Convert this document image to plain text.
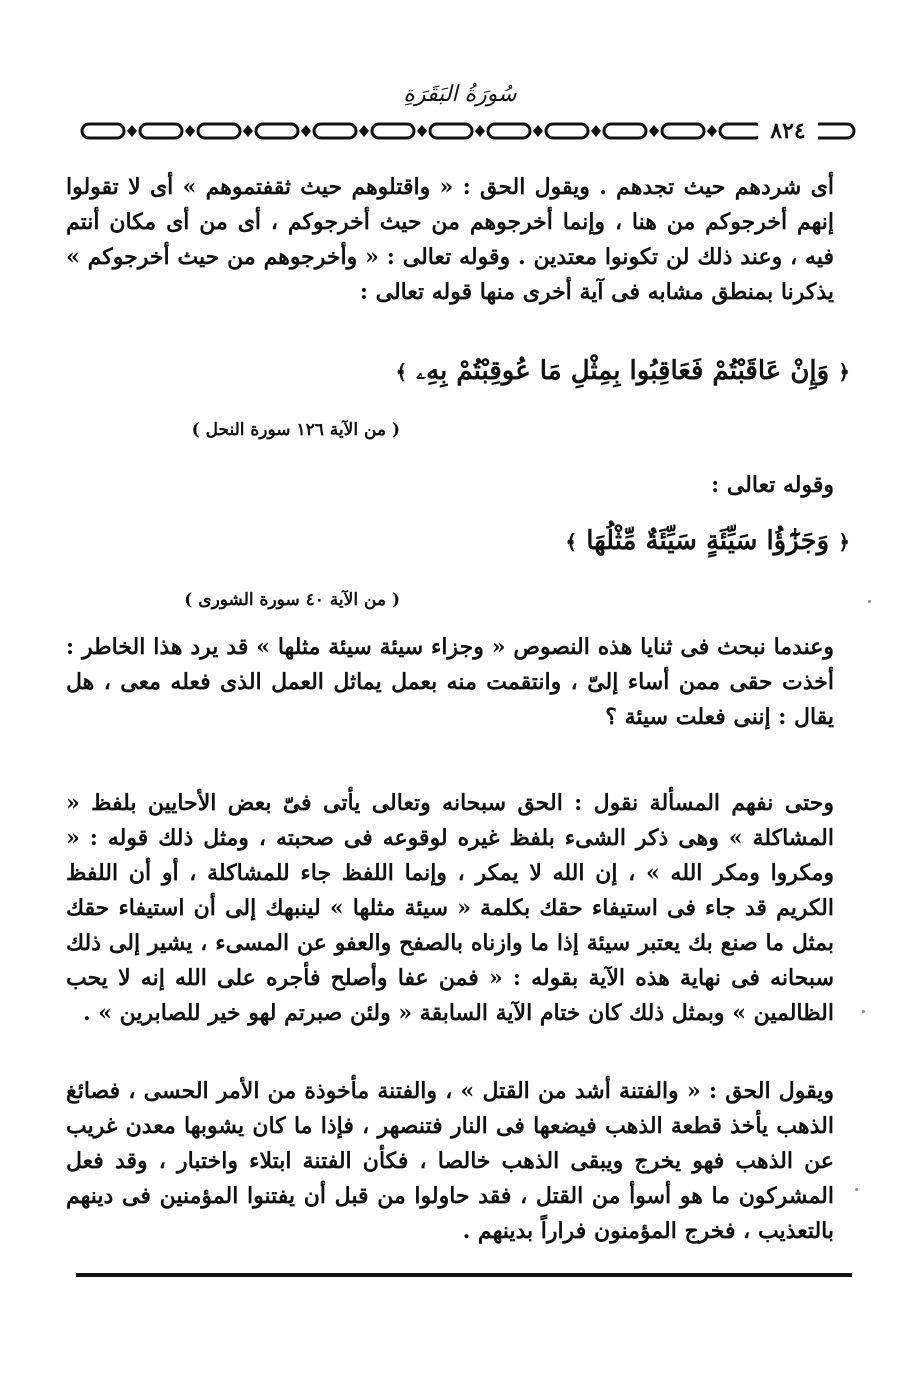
سُورَةُ البَقَرَةِ
٨٢٤

أى شردهم حيث تجدهم . ويقول الحق : « واقتلوهم حيث ثقفتموهم » أى لا تقولوا إنهم أخرجوكم من هنا ، وإنما أخرجوهم من حيث أخرجوكم ، أى من أى مكان أنتم فيه ، وعند ذلك لن تكونوا معتدين . وقوله تعالى : « وأخرجوهم من حيث أخرجوكم » يذكرنا بمنطق مشابه فى آية أخرى منها قوله تعالى :

﴿ وَإِنْ عَاقَبْتُمْ فَعَاقِبُوا بِمِثْلِ مَا عُوقِبْتُمْ بِهِۦ ﴾
( من الآية ١٢٦ سورة النحل )

وقوله تعالى :

﴿ وَجَزَٰٓؤُا سَيِّئَةٍ سَيِّئَةٌ مِّثْلُهَا ﴾
( من الآية ٤٠ سورة الشورى )

وعندما نبحث فى ثنايا هذه النصوص « وجزاء سيئة سيئة مثلها » قد يرد هذا الخاطر : أخذت حقى ممن أساء إلىّ ، وانتقمت منه بعمل يماثل العمل الذى فعله معى ، هل يقال : إننى فعلت سيئة ؟

وحتى نفهم المسألة نقول : الحق سبحانه وتعالى يأتى فىّ بعض الأحايين بلفظ « المشاكلة » وهى ذكر الشىء بلفظ غيره لوقوعه فى صحبته ، ومثل ذلك قوله : « ومكروا ومكر الله » ، إن الله لا يمكر ، وإنما اللفظ جاء للمشاكلة ، أو أن اللفظ الكريم قد جاء فى استيفاء حقك بكلمة « سيئة مثلها » لينبهك إلى أن استيفاء حقك بمثل ما صنع بك يعتبر سيئة إذا ما وازناه بالصفح والعفو عن المسىء ، يشير إلى ذلك سبحانه فى نهاية هذه الآية بقوله : « فمن عفا وأصلح فأجره على الله إنه لا يحب الظالمين » وبمثل ذلك كان ختام الآية السابقة « ولئن صبرتم لهو خير للصابرين » .

ويقول الحق : « والفتنة أشد من القتل » ، والفتنة مأخوذة من الأمر الحسى ، فصائغ الذهب يأخذ قطعة الذهب فيضعها فى النار فتنصهر ، فإذا ما كان يشوبها معدن غريب عن الذهب فهو يخرج ويبقى الذهب خالصا ، فكأن الفتنة ابتلاء واختبار ، وقد فعل المشركون ما هو أسوأ من القتل ، فقد حاولوا من قبل أن يفتنوا المؤمنين فى دينهم بالتعذيب ، فخرج المؤمنون فراراً بدينهم .
